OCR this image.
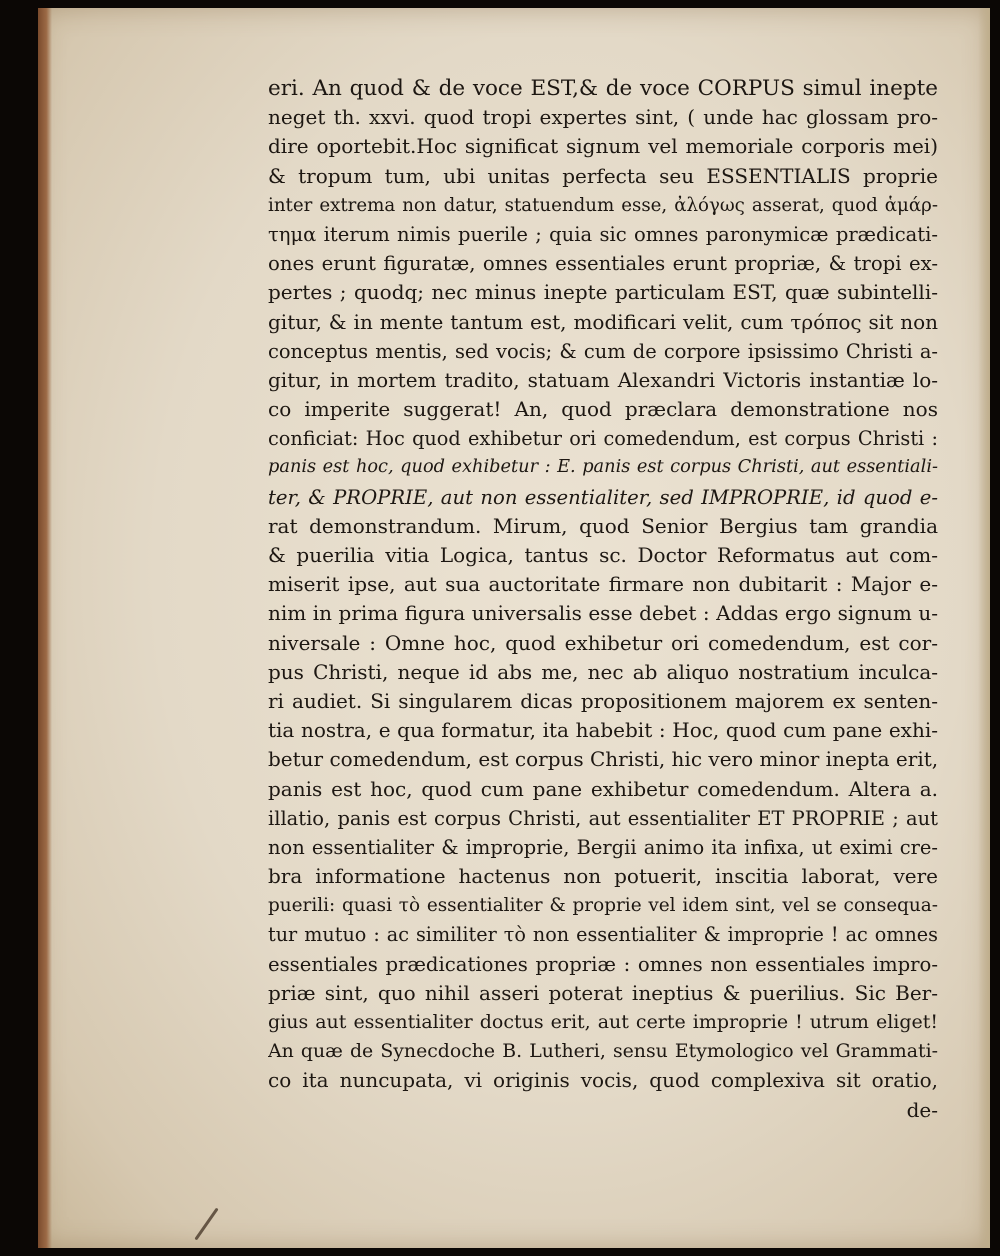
eri. An quod & de voce EST,& de voce CORPUS simul inepte
neget th. xxvi. quod tropi expertes sint, ( unde hac glossam pro-
dire oportebit.Hoc significat signum vel memoriale corporis mei)
& tropum tum, ubi unitas perfecta seu ESSENTIALIS proprie
inter extrema non datur, statuendum esse, ἀλόγως asserat, quod ἁμάρ-
τημα iterum nimis puerile ; quia sic omnes paronymicæ prædicati-
ones erunt figuratæ, omnes essentiales erunt propriæ, & tropi ex-
pertes ; quodq; nec minus inepte particulam EST, quæ subintelli-
gitur, & in mente tantum est, modificari velit, cum τρόπος sit non
conceptus mentis, sed vocis; & cum de corpore ipsissimo Christi a-
gitur, in mortem tradito, statuam Alexandri Victoris instantiæ lo-
co imperite suggerat! An, quod præclara demonstratione nos
conficiat: Hoc quod exhibetur ori comedendum, est corpus Christi :
panis est hoc, quod exhibetur : E. panis est corpus Christi, aut essentiali-
ter, & PROPRIE, aut non essentialiter, sed IMPROPRIE, id quod e-
rat demonstrandum. Mirum, quod Senior Bergius tam grandia
& puerilia vitia Logica, tantus sc. Doctor Reformatus aut com-
miserit ipse, aut sua auctoritate firmare non dubitarit : Major e-
nim in prima figura universalis esse debet : Addas ergo signum u-
niversale : Omne hoc, quod exhibetur ori comedendum, est cor-
pus Christi, neque id abs me, nec ab aliquo nostratium inculca-
ri audiet. Si singularem dicas propositionem majorem ex senten-
tia nostra, e qua formatur, ita habebit : Hoc, quod cum pane exhi-
betur comedendum, est corpus Christi, hic vero minor inepta erit,
panis est hoc, quod cum pane exhibetur comedendum. Altera a.
illatio, panis est corpus Christi, aut essentialiter ET PROPRIE ; aut
non essentialiter & improprie, Bergii animo ita infixa, ut eximi cre-
bra informatione hactenus non potuerit, inscitia laborat, vere
puerili: quasi τὸ essentialiter & proprie vel idem sint, vel se consequa-
tur mutuo : ac similiter τὸ non essentialiter & improprie ! ac omnes
essentiales prædicationes propriæ : omnes non essentiales impro-
priæ sint, quo nihil asseri poterat ineptius & puerilius. Sic Ber-
gius aut essentialiter doctus erit, aut certe improprie ! utrum eliget!
An quæ de Synecdoche B. Lutheri, sensu Etymologico vel Grammati-
co ita nuncupata, vi originis vocis, quod complexiva sit oratio,
de-
